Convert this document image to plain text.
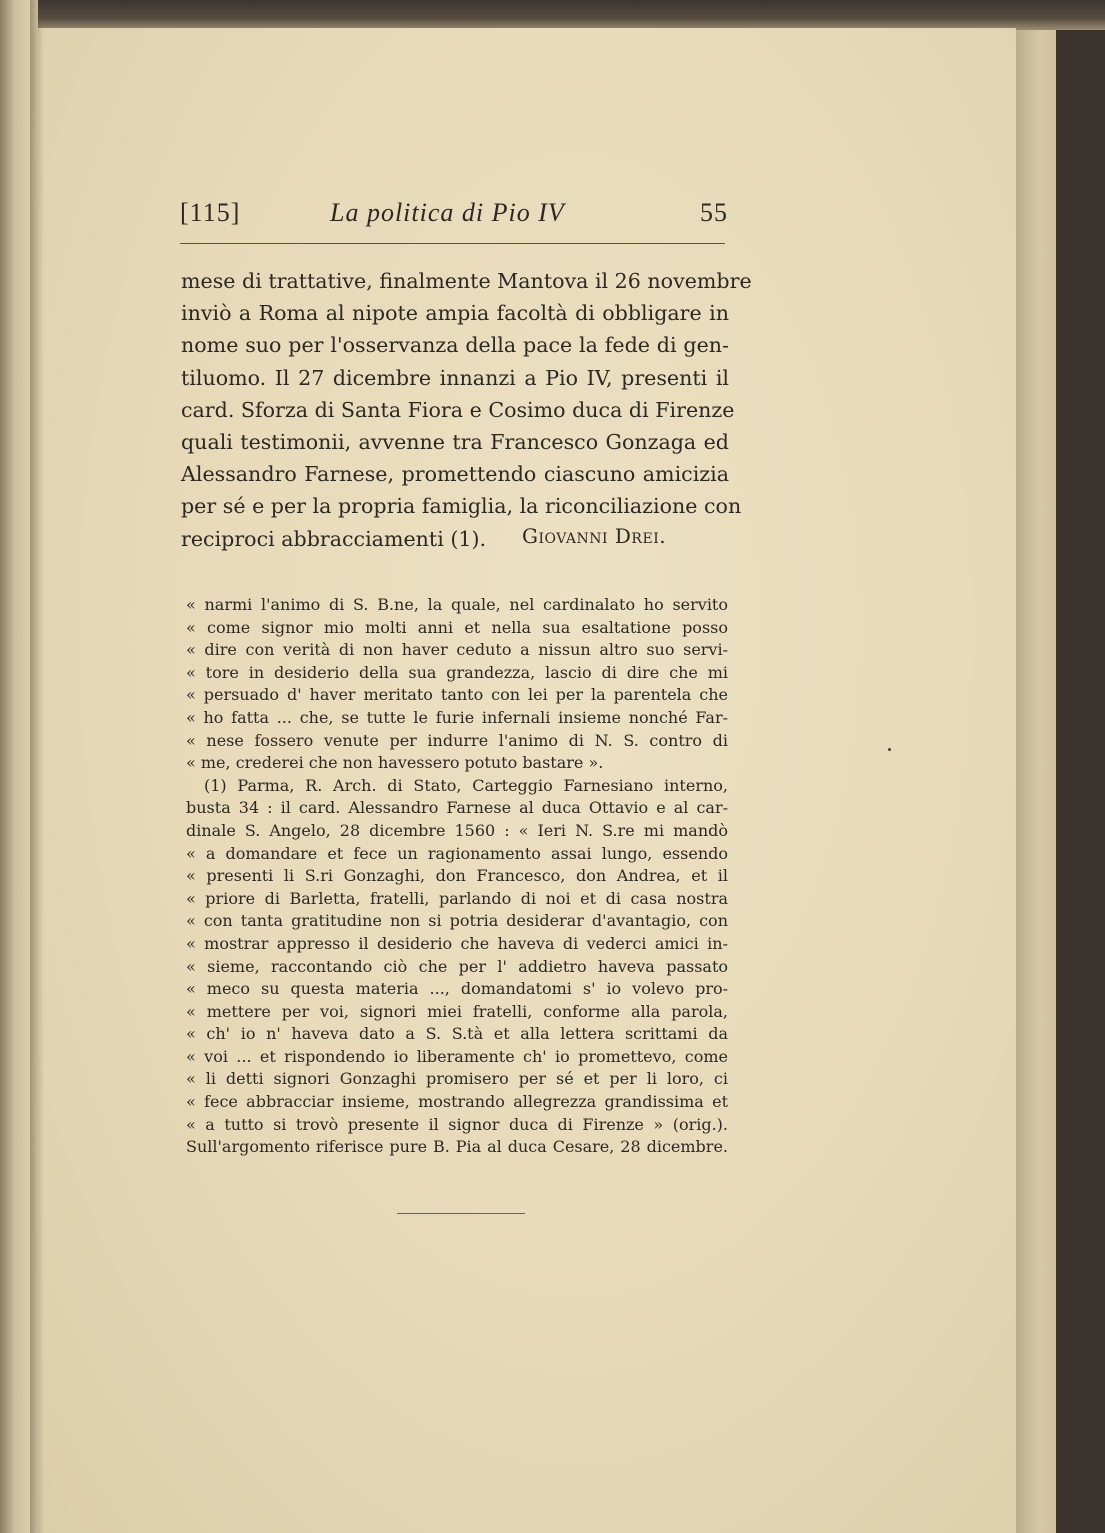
[115]	La politica di Pio IV	55
mese di trattative, finalmente Mantova il 26 novembre
inviò a Roma al nipote ampia facoltà di obbligare in
nome suo per l'osservanza della pace la fede di gen-
tiluomo. Il 27 dicembre innanzi a Pio IV, presenti il
card. Sforza di Santa Fiora e Cosimo duca di Firenze
quali testimonii, avvenne tra Francesco Gonzaga ed
Alessandro Farnese, promettendo ciascuno amicizia
per sé e per la propria famiglia, la riconciliazione con
reciproci abbracciamenti (1).	Giovanni Drei.
« narmi l'animo di S. B.ne, la quale, nel cardinalato ho servito
« come signor mio molti anni et nella sua esaltatione posso
« dire con verità di non haver ceduto a nissun altro suo servi-
« tore in desiderio della sua grandezza, lascio di dire che mi
« persuado d' haver meritato tanto con lei per la parentela che
« ho fatta ... che, se tutte le furie infernali insieme nonché Far-
« nese fossero venute per indurre l'animo di N. S. contro di
« me, crederei che non havessero potuto bastare ».
(1) Parma, R. Arch. di Stato, Carteggio Farnesiano interno,
busta 34 : il card. Alessandro Farnese al duca Ottavio e al car-
dinale S. Angelo, 28 dicembre 1560 : « Ieri N. S.re mi mandò
« a domandare et fece un ragionamento assai lungo, essendo
« presenti li S.ri Gonzaghi, don Francesco, don Andrea, et il
« priore di Barletta, fratelli, parlando di noi et di casa nostra
« con tanta gratitudine non si potria desiderar d'avantagio, con
« mostrar appresso il desiderio che haveva di vederci amici in-
« sieme, raccontando ciò che per l' addietro haveva passato
« meco su questa materia ..., domandatomi s' io volevo pro-
« mettere per voi, signori miei fratelli, conforme alla parola,
« ch' io n' haveva dato a S. S.tà et alla lettera scrittami da
« voi ... et rispondendo io liberamente ch' io promettevo, come
« li detti signori Gonzaghi promisero per sé et per li loro, ci
« fece abbracciar insieme, mostrando allegrezza grandissima et
« a tutto si trovò presente il signor duca di Firenze » (orig.).
Sull'argomento riferisce pure B. Pia al duca Cesare, 28 dicembre.
